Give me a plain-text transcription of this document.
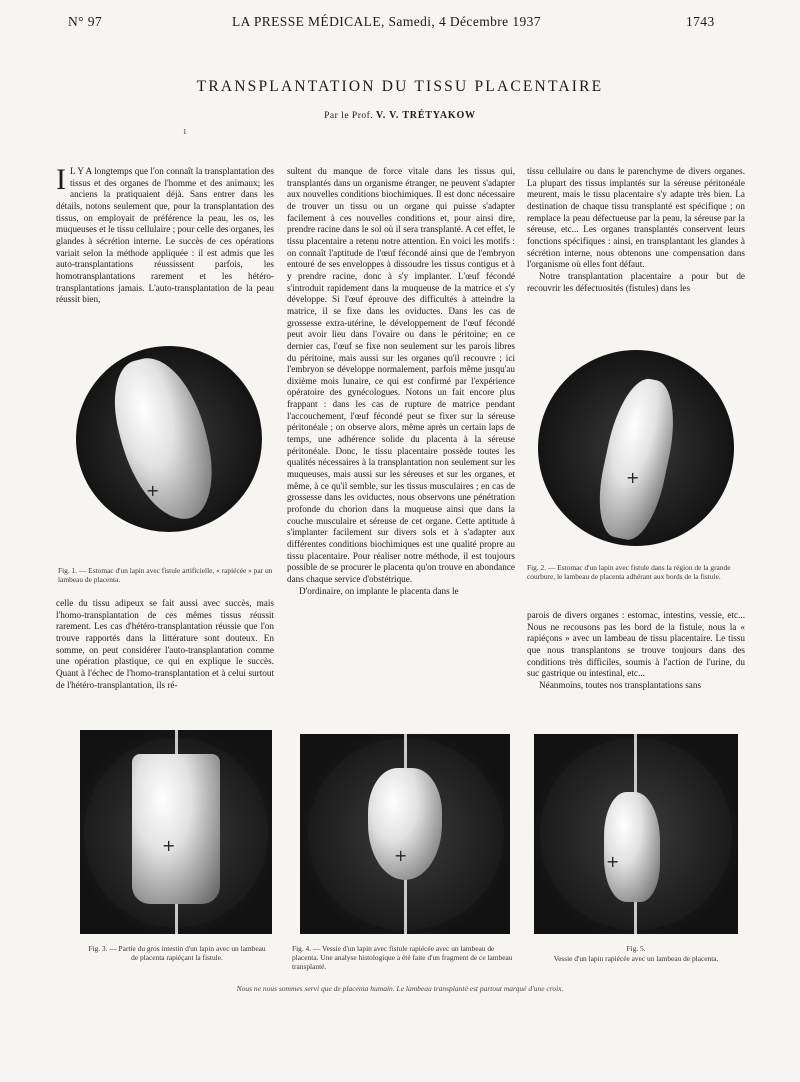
N° 97	LA PRESSE MÉDICALE, Samedi, 4 Décembre 1937	1743
TRANSPLANTATION DU TISSU PLACENTAIRE
Par le Prof. V. V. TRÉTYAKOW
1

I L Y A longtemps que l'on connaît la transplantation des tissus et des organes de l'homme et des animaux; les anciens la pratiquaient déjà. Sans entrer dans les détails, notons seulement que, pour la transplantation des tissus, on employait de préférence la peau, les os, les muqueuses et le tissu cellulaire ; pour celle des organes, les glandes à sécrétion interne. Le succès de ces opérations variait selon la méthode appliquée : il est admis que les auto-transplantations réussissent parfois, les homotransplantations rarement et les hétéro-transplantations jamais. L'auto-transplantation de la peau réussit bien,

+
Fig. 1. — Estomac d'un lapin avec fistule artificielle, « rapiécée » par un lambeau de placenta.

celle du tissu adipeux se fait aussi avec succès, mais l'homo-transplantation de ces mêmes tissus réussit rarement. Les cas d'hétéro-transplantation réussie que l'on trouve rapportés dans la littérature sont douteux. En somme, on peut considérer l'auto-transplantation comme une opération plastique, ce qui en explique le succès. Quant à l'échec de l'homo-transplantation et à celui surtout de l'hétéro-transplantation, ils ré-

sultent du manque de force vitale dans les tissus qui, transplantés dans un organisme étranger, ne peuvent s'adapter aux nouvelles conditions biochimiques. Il est donc nécessaire de trouver un tissu ou un organe qui puisse s'adapter facilement à ces nouvelles conditions et, pour ainsi dire, prendre racine dans le sol où il sera transplanté. A cet effet, le tissu placentaire a retenu notre attention. En voici les motifs : on connaît l'aptitude de l'œuf fécondé ainsi que de l'embryon entouré de ses enveloppes à dissoudre les tissus contigus et à y prendre racine, donc à s'y implanter. L'œuf fécondé s'introduit rapidement dans la muqueuse de la matrice et s'y développe. Si l'œuf éprouve des difficultés à atteindre la matrice, il se fixe dans les oviductes. Dans les cas de grossesse extra-utérine, le développement de l'œuf fécondé peut avoir lieu dans l'ovaire ou dans le péritoine; en ce dernier cas, l'œuf se fixe non seulement sur les parois libres du péritoine, mais aussi sur les organes qu'il recouvre ; ici l'embryon se développe normalement, parfois même jusqu'au dixième mois lunaire, ce qui est confirmé par l'expérience opératoire des gynécologues. Notons un fait encore plus frappant : dans les cas de rupture de matrice pendant l'accouchement, l'œuf fécondé peut se fixer sur la séreuse péritonéale ; on observe alors, même après un certain laps de temps, une adhérence solide du placenta à la séreuse péritonéale. Donc, le tissu placentaire possède toutes les qualités nécessaires à la transplantation non seulement sur les muqueuses, mais aussi sur les séreuses et sur les organes, et même, à ce qu'il semble, sur les tissus musculaires ; en cas de grossesse dans les oviductes, nous observons une pénétration profonde du chorion dans la muqueuse ainsi que dans la couche musculaire et séreuse de cet organe. Cette aptitude à s'implanter facilement sur divers sols et à s'adapter aux différentes conditions biochimiques est une qualité propre au tissu placentaire. Pour réaliser notre méthode, il est toujours possible de se procurer le placenta qu'on trouve en abondance dans chaque service d'obstétrique.

D'ordinaire, on implante le placenta dans le

tissu cellulaire ou dans le parenchyme de divers organes. La plupart des tissus implantés sur la séreuse péritonéale meurent, mais le tissu placentaire s'y adapte très bien. La destination de chaque tissu transplanté est spécifique ; on remplace la peau défectueuse par la peau, la séreuse par la séreuse, etc... Les organes transplantés conservent leurs fonctions spécifiques : ainsi, en transplantant les glandes à sécrétion interne, nous obtenons une compensation dans l'organisme où elles font défaut.

Notre transplantation placentaire a pour but de recouvrir les défectuosités (fistules) dans les

+
Fig. 2. — Estomac d'un lapin avec fistule dans la région de la grande courbure, le lambeau de placenta adhérant aux bords de la fistule.

parois de divers organes : estomac, intestins, vessie, etc... Nous ne recousons pas les bord de la fistule, nous la « rapiéçons » avec un lambeau de tissu placentaire. Le tissu que nous transplantons se trouve toujours dans des conditions très difficiles, soumis à l'action de l'urine, du suc gastrique ou intestinal, etc...

Néanmoins, toutes nos transplantations sans

+
Fig. 3. — Partie du gros intestin d'un lapin avec un lambeau de placenta rapiéçant la fistule.
+
Fig. 4. — Vessie d'un lapin avec fistule rapiécée avec un lambeau de placenta. Une analyse histologique a été faite d'un fragment de ce lambeau transplanté.
+
Fig. 5.
Vessie d'un lapin rapiécée avec un lambeau de placenta.
Nous ne nous sommes servi que de placenta humain. Le lambeau transplanté est partout marqué d'une croix.
